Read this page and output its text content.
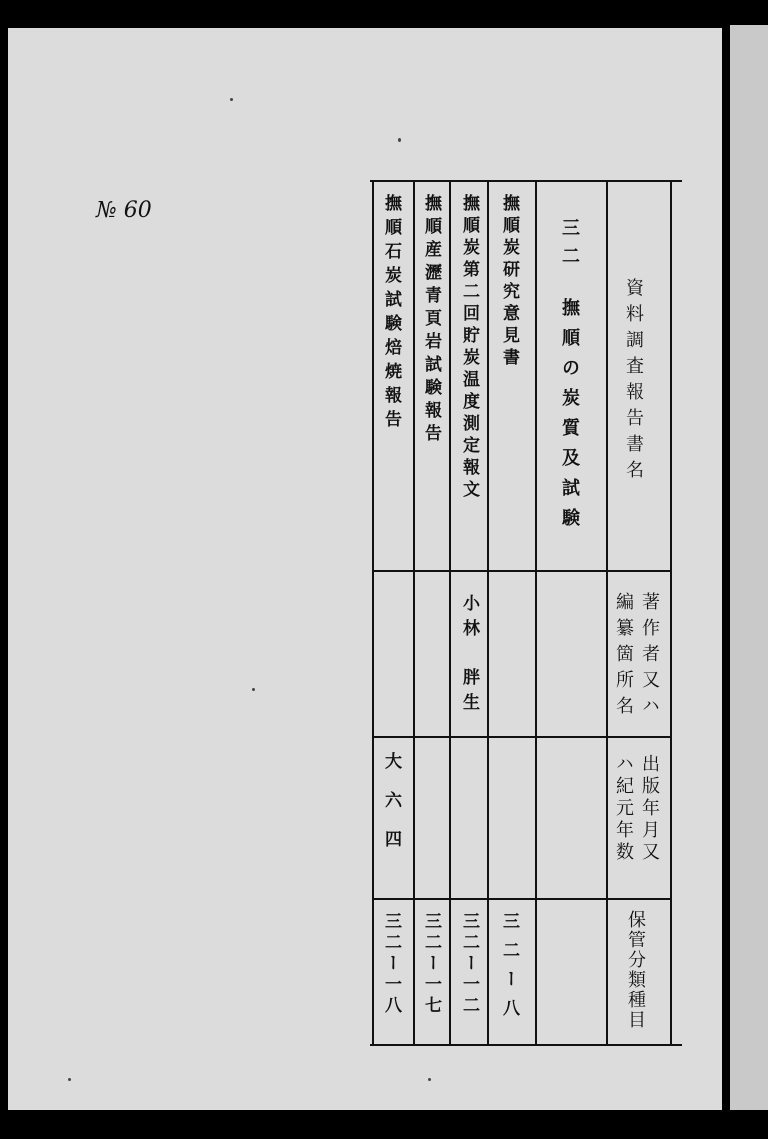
№ 60
資料調査報告書名
著作者又ハ
編纂箇所名
出版年月又
ハ紀元年数
保管分類種目
三二
撫順の炭質及試験
撫順炭研究意見書
三二ー八
撫順炭第二回貯炭温度測定報文
小林
胖生
三二ー一二
撫順産瀝青頁岩試験報告
三二ー一七
撫順石炭試験焙焼報告
大六四
三二ー一八
